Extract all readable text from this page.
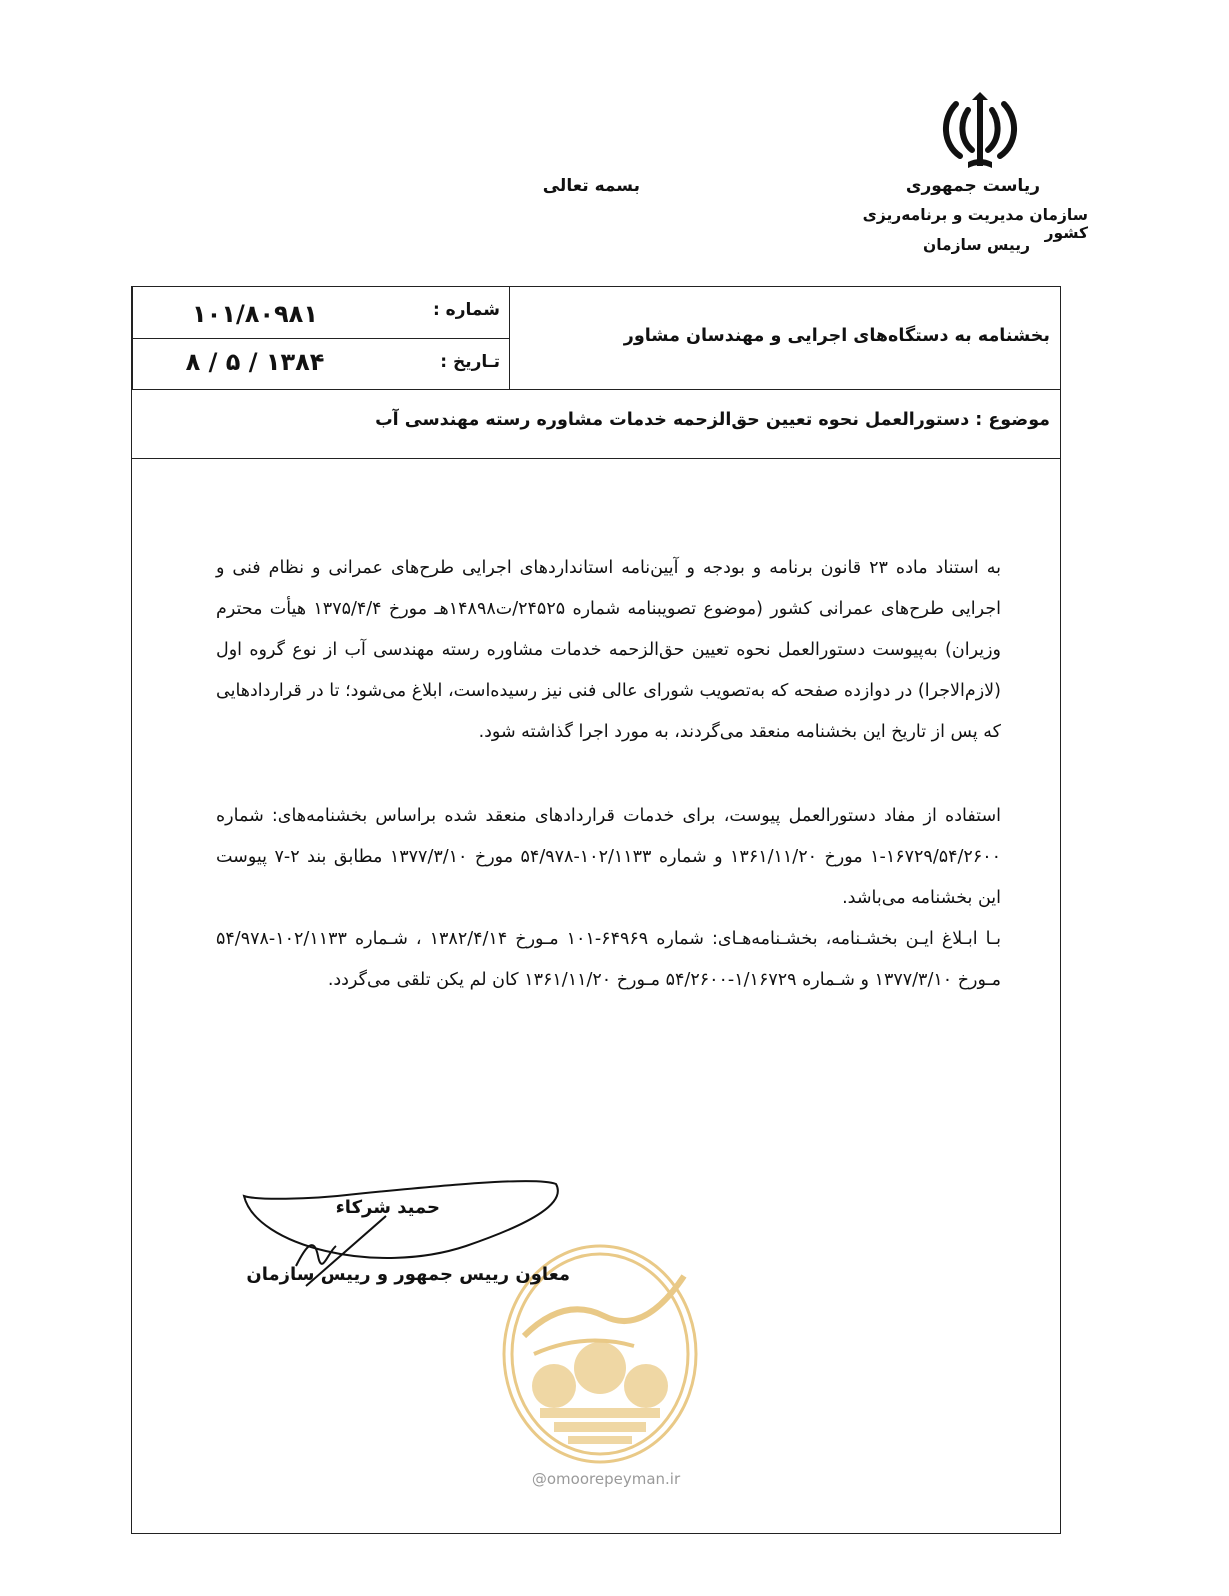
ریاست جمهوری
سازمان مدیریت و برنامه‌ریزی کشور
رییس سازمان
بسمه تعالی
بخشنامه به دستگاه‌های اجرایی و مهندسان مشاور
شماره :
تـاریخ :
۱۰۱/۸۰۹۸۱
۱۳۸۴ / ۵ / ۸
موضوع : دستورالعمل نحوه تعیین حق‌الزحمه خدمات مشاوره رسته مهندسی آب
به استناد ماده ۲۳ قانون برنامه و بودجه و آیین‌نامه استانداردهای اجرایی طرح‌های عمرانی و نظام فنی و اجرایی طرح‌های عمرانی کشور (موضوع تصویبنامه شماره ۲۴۵۲۵/ت۱۴۸۹۸هـ مورخ ۱۳۷۵/۴/۴ هیأت محترم وزیران) به‌پیوست دستورالعمل نحوه تعیین حق‌الزحمه خدمات مشاوره رسته مهندسی آب از نوع گروه اول (لازم‌الاجرا) در دوازده صفحه که به‌تصویب شورای عالی فنی نیز رسیده‌است، ابلاغ می‌شود؛ تا در قراردادهایی که پس از تاریخ این بخشنامه منعقد می‌گردند، به مورد اجرا گذاشته شود.
استفاده از مفاد دستورالعمل پیوست، برای خدمات قراردادهای منعقد شده براساس بخشنامه‌های: شماره ۱۶۷۲۹/۵۴/۲۶۰۰-۱ مورخ ۱۳۶۱/۱۱/۲۰ و شماره ۱۰۲/۱۱۳۳-۵۴/۹۷۸ مورخ ۱۳۷۷/۳/۱۰ مطابق بند ۲-۷ پیوست این بخشنامه می‌باشد.
بـا ابـلاغ ایـن بخشـنامه، بخشـنامه‌هـای: شماره ۶۴۹۶۹-۱۰۱ مـورخ ۱۳۸۲/۴/۱۴ ، شـماره ۱۰۲/۱۱۳۳-۵۴/۹۷۸ مـورخ ۱۳۷۷/۳/۱۰ و شـماره ۱/۱۶۷۲۹-۵۴/۲۶۰۰ مـورخ ۱۳۶۱/۱۱/۲۰ کان لم یکن تلقی می‌گردد.
@omoorepeyman.ir
حمید شرکاء
معاون رییس جمهور و رییس سازمان
